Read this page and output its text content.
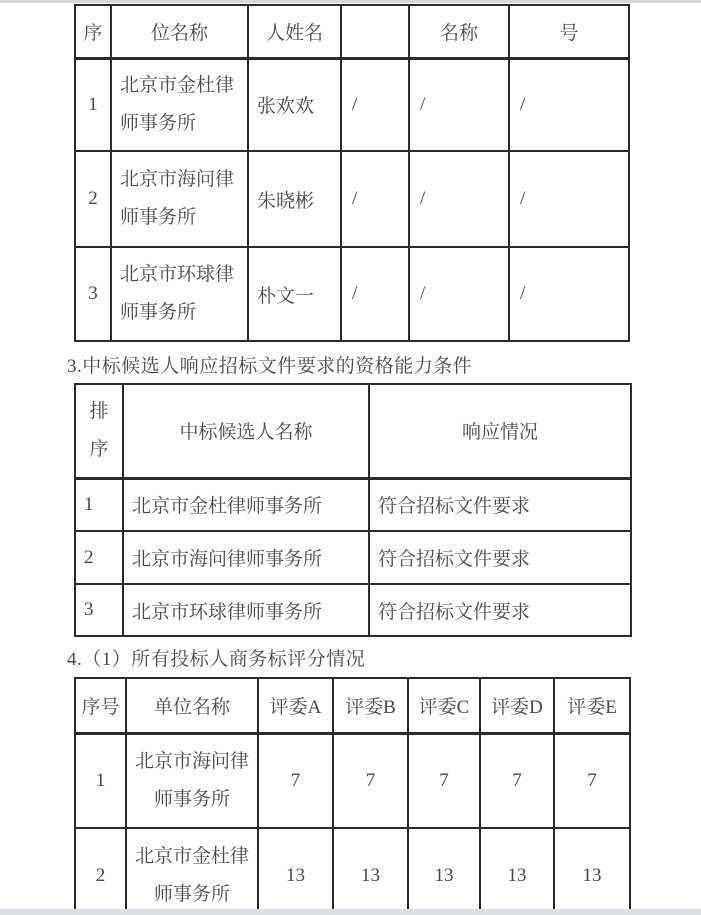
序	位名称	人姓名		名称	号
1	北京市金杜律师事务所	张欢欢	/	/	/
2	北京市海问律师事务所	朱晓彬	/	/	/
3	北京市环球律师事务所	朴文一	/	/	/
3.中标候选人响应招标文件要求的资格能力条件
排序	中标候选人名称	响应情况
1	北京市金杜律师事务所	符合招标文件要求
2	北京市海问律师事务所	符合招标文件要求
3	北京市环球律师事务所	符合招标文件要求
4.（1）所有投标人商务标评分情况
序号	单位名称	评委A	评委B	评委C	评委D	评委E
1	北京市海问律师事务所	7	7	7	7	7
2	北京市金杜律师事务所	13	13	13	13	13
